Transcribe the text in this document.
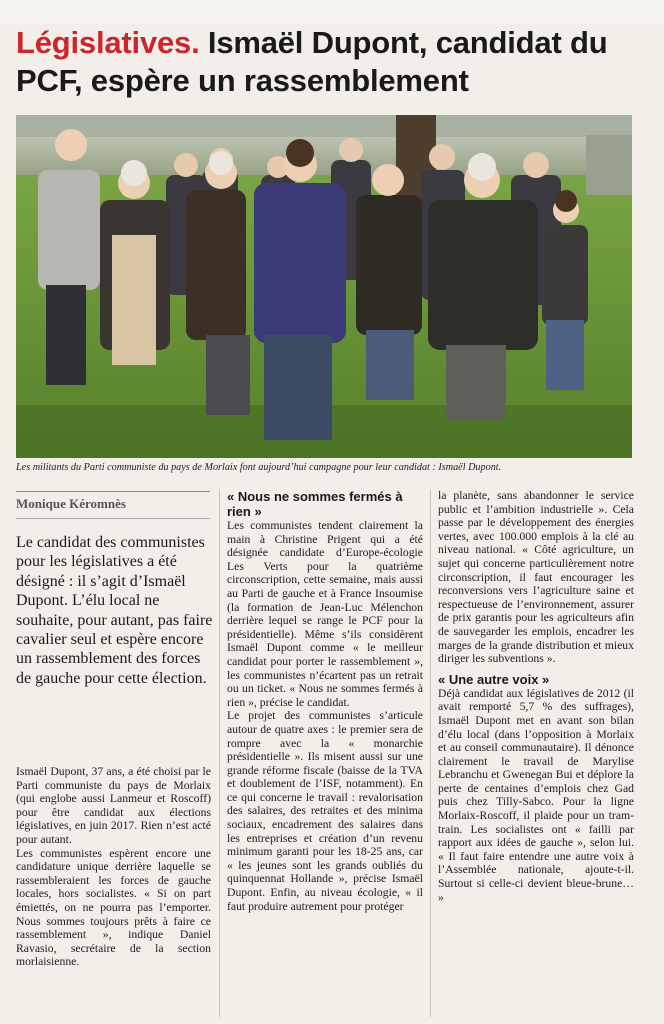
Législatives. Ismaël Dupont, candidat du PCF, espère un rassemblement
Les militants du Parti communiste du pays de Morlaix font aujourd’hui campagne pour leur candidat : Ismaël Dupont.
Monique Kéromnès

Le candidat des communistes pour les législatives a été désigné : il s’agit d’Ismaël Dupont. L’élu local ne souhaite, pour autant, pas faire cavalier seul et espère encore un rassemblement des forces de gauche pour cette élection.

Ismaël Dupont, 37 ans, a été choisi par le Parti communiste du pays de Morlaix (qui englobe aussi Lanmeur et Roscoff) pour être candidat aux élections législatives, en juin 2017. Rien n’est acté pour autant.
Les communistes espèrent encore une candidature unique derrière laquelle se rassembleraient les forces de gauche locales, hors socialistes. « Si on part émiettés, on ne pourra pas l’emporter. Nous sommes toujours prêts à faire ce rassemblement », indique Daniel Ravasio, secrétaire de la section morlaisienne.

« Nous ne sommes fermés à rien »

Les communistes tendent clairement la main à Christine Prigent qui a été désignée candidate d’Europe-écologie Les Verts pour la quatrième circonscription, cette semaine, mais aussi au Parti de gauche et à France Insoumise (la formation de Jean-Luc Mélenchon derrière lequel se range le PCF pour la présidentielle). Même s’ils considèrent Ismaël Dupont comme « le meilleur candidat pour porter le rassemblement », les communistes n’écartent pas un retrait ou un ticket. « Nous ne sommes fermés à rien », précise le candidat.
Le projet des communistes s’articule autour de quatre axes : le premier sera de rompre avec la « monarchie présidentielle ». Ils misent aussi sur une grande réforme fiscale (baisse de la TVA et doublement de l’ISF, notamment). En ce qui concerne le travail : revalorisation des salaires, des retraites et des minima sociaux, encadrement des salaires dans les entreprises et création d’un revenu minimum garanti pour les 18-25 ans, car « les jeunes sont les grands oubliés du quinquennat Hollande », précise Ismaël Dupont. Enfin, au niveau écologie, « il faut produire autrement pour protéger

la planète, sans abandonner le service public et l’ambition industrielle ». Cela passe par le développement des énergies vertes, avec 100.000 emplois à la clé au niveau national. « Côté agriculture, un sujet qui concerne particulièrement notre circonscription, il faut encourager les reconversions vers l’agriculture saine et respectueuse de l’environnement, assurer de prix garantis pour les agriculteurs afin de sauvegarder les emplois, encadrer les marges de la grande distribution et mieux diriger les subventions ».

« Une autre voix »

Déjà candidat aux législatives de 2012 (il avait remporté 5,7 % des suffrages), Ismaël Dupont met en avant son bilan d’élu local (dans l’opposition à Morlaix et au conseil communautaire). Il dénonce clairement le travail de Marylise Lebranchu et Gwenegan Bui et déplore la perte de centaines d’emplois chez Gad puis chez Tilly-Sabco. Pour la ligne Morlaix-Roscoff, il plaide pour un tram-train. Les socialistes ont « failli par rapport aux idées de gauche », selon lui. « Il faut faire entendre une autre voix à l’Assemblée nationale, ajoute-t-il. Surtout si celle-ci devient bleue-brune… »
